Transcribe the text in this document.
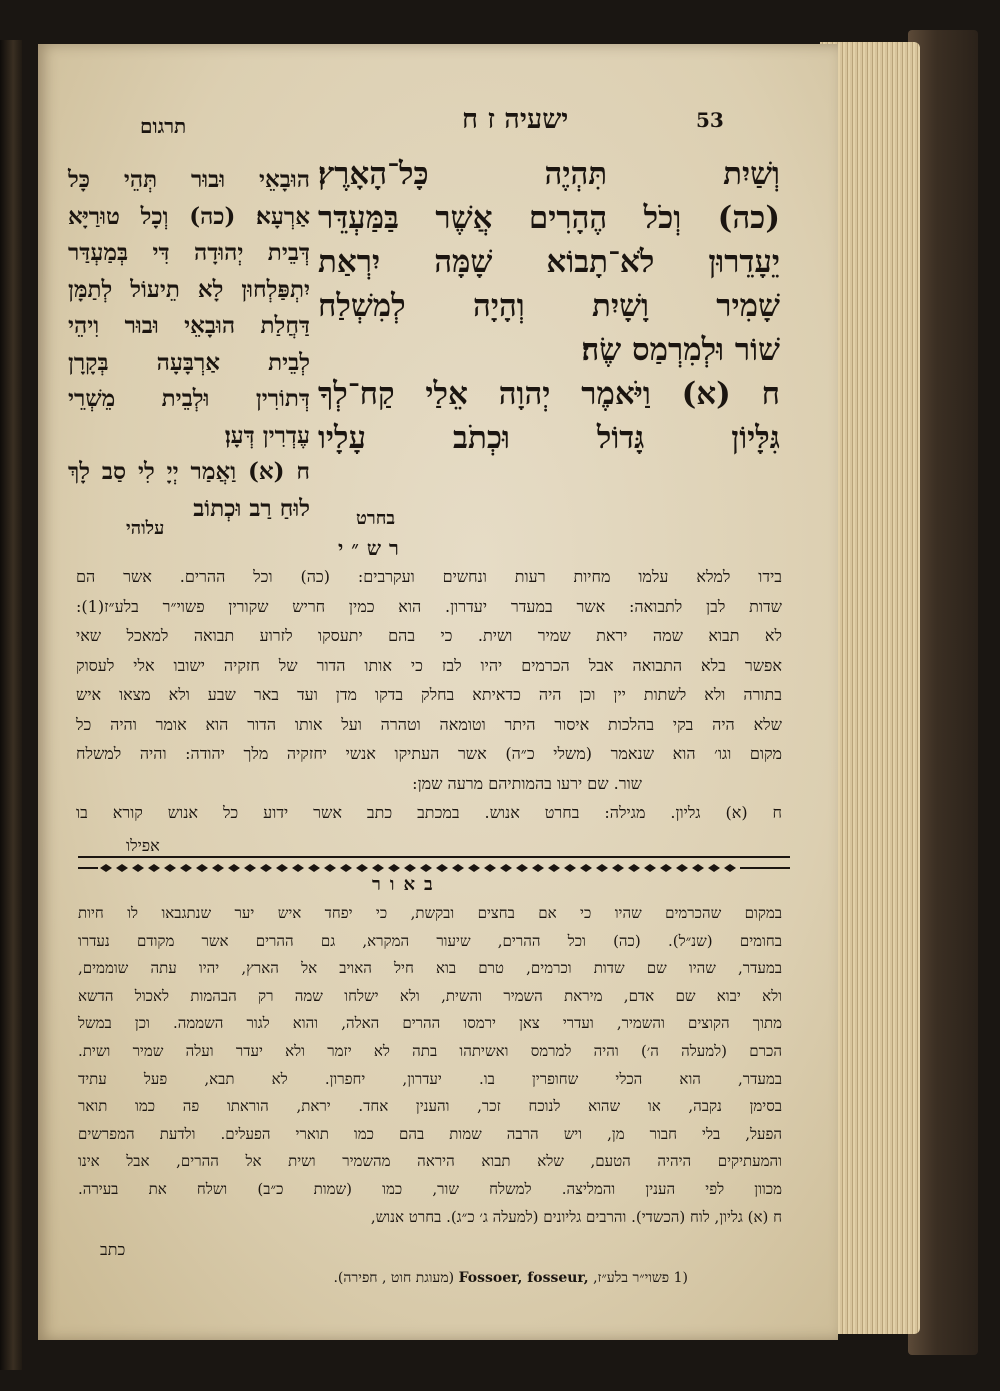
53
ישעיה ז ח
תרגום
וְשַׁיִת תִּהְיֶה כָּל־הָאָרֶץ׃
(כה) וְכֹל הֶהָרִים אֲשֶׁר בַּמַּעְדֵּר
יֵעָדֵרוּן לֹא־תָבוֹא שָׁמָּה יִרְאַת
שָׁמִיר וָשָׁיִת וְהָיָה לְמִשְׁלַח
שׁוֹר וּלְמִרְמַס שֶׂה׃
ח (א) וַיֹּאמֶר יְהוָה אֵלַי קַח־לְךָ
גִּלָּיוֹן גָּדוֹל וּכְתֹב עָלָיו
בחרט
הוּבָאֵי וּבוּר תְּהֵי כָּל
אַרְעָא׃ (כה) וְכָל טוּרַיָּא
דְּבֵית יְהוּדָה דִּי בְּמַעְדַּר
יִתְפַּלְחוּן לָא תֵיעוֹל לְתַמָּן
דַּחֲלַת הוּבָאֵי וּבוּר וִיהֵי
לְבֵית אַרְבָּעָה בְּקָרָן
דְּתוֹרִין וּלְבֵית מֵשְׁרֵי
עֶדְרִין דְּעָן׃
ח (א) וַאֲמַר יְיָ לִי סַב לָךְ
לוּחַ רַב וּכְתוֹב
עלוהי
רש״י
בידו למלא עלמו מחיות רעות ונחשים ועקרבים: (כה) וכל ההרים. אשר הם
שדות לבן לתבואה: אשר במעדר יעדרון. הוא כמין חריש שקורין פשוי״ר בלע״ז(1):
לא תבוא שמה יראת שמיר ושית. כי בהם יתעסקו לזרוע תבואה למאכל שאי
אפשר בלא התבואה אבל הכרמים יהיו לבז כי אותו הדור של חזקיה ישובו אלי לעסוק
בתורה ולא לשתות יין וכן היה כדאיתא בחלק בדקו מדן ועד באר שבע ולא מצאו איש
שלא היה בקי בהלכות איסור היתר וטומאה וטהרה ועל אותו הדור הוא אומר והיה כל
מקום וגו׳ הוא שנאמר (משלי כ״ה) אשר העתיקו אנשי יחזקיה מלך יהודה: והיה למשלח
שור. שם ירעו בהמותיהם מרעה שמן:
ח (א) גליון. מגילה: בחרט אנוש. במכתב כתב אשר ידוע כל אנוש קורא בו
אפילו
באור
במקום שהכרמים שהיו כי אם בחצים ובקשת, כי יפחד איש יער שנתגבאו לו חיות
בחומים (שנ״ל). (כה) וכל ההרים, שיעור המקרא, גם ההרים אשר מקודם נעדרו
במעדר, שהיו שם שדות וכרמים, טרם בוא חיל האויב אל הארץ, יהיו עתה שוממים,
ולא יבוא שם אדם, מיראת השמיר והשית, ולא ישלחו שמה רק הבהמות לאכול הדשא
מתוך הקוצים והשמיר, ועדרי צאן ירמסו ההרים האלה, והוא לגור השממה. וכן במשל
הכרם (למעלה ה׳) והיה למרמס ואשיתהו בתה לא יזמר ולא יעדר ועלה שמיר ושית.
במעדר, הוא הכלי שחופרין בו. יעדרון, יחפרון. לא תבא, פעל עתיד
בסימן נקבה, או שהוא לנוכח זכר, והענין אחד. יראת, הוראתו פה כמו תואר
הפעל, בלי חבור מן, ויש הרבה שמות בהם כמו תוארי הפעלים. ולדעת המפרשים
והמעתיקים היהיה הטעם, שלא תבוא היראה מהשמיר ושית אל ההרים, אבל אינו
מכוון לפי הענין והמליצה. למשלח שור, כמו (שמות כ״ב) ושלח את בעירה.
ח (א) גליון, לוח (הכשדי). והרבים גליונים (למעלה ג׳ כ״ג). בחרט אנוש,
כתב
(1 פשוי״ר בלע״ז, Fossoer, fosseur, (מעוגת חוט , חפירה).
